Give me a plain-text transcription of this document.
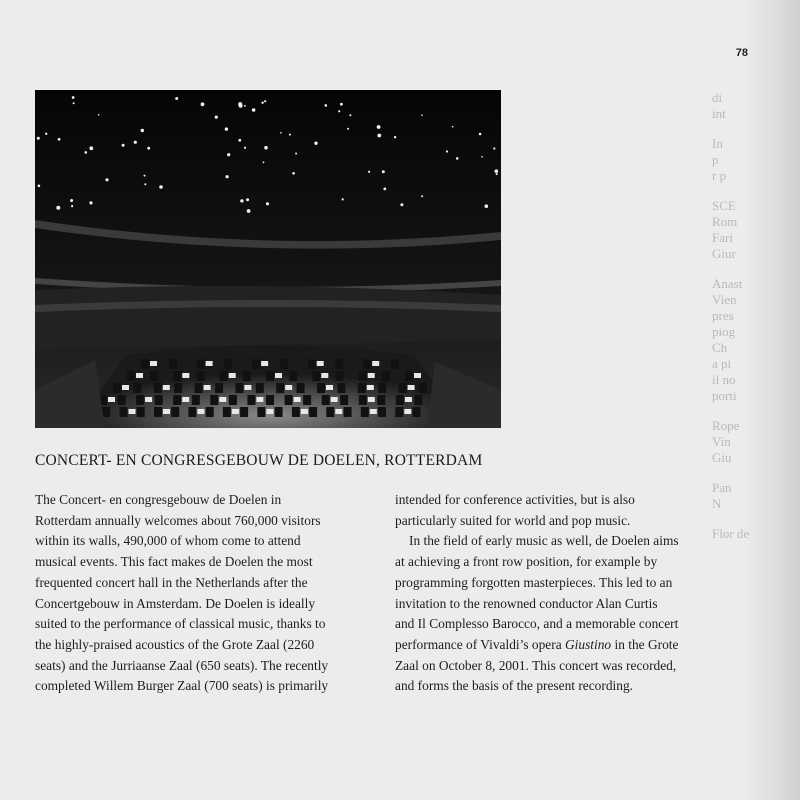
di
int
In
p
r p
SCE
Rom
Fari
Giur
Anast
Vien
pres
piog
Ch
a pi
il no
porti
Rope
Vin
Giu
Pan
N
Flor de
78
CONCERT- EN CONGRESGEBOUW DE DOELEN, ROTTERDAM

The Concert- en congresgebouw de Doelen in
Rotterdam annually welcomes about 760,000 visitors
within its walls, 490,000 of whom come to attend
musical events. This fact makes de Doelen the most
frequented concert hall in the Netherlands after the
Concertgebouw in Amsterdam. De Doelen is ideally
suited to the performance of classical music, thanks to
the highly-praised acoustics of the Grote Zaal (2260
seats) and the Jurriaanse Zaal (650 seats). The recently
completed Willem Burger Zaal (700 seats) is primarily

intended for conference activities, but is also
particularly suited for world and pop music.

In the field of early music as well, de Doelen aims
at achieving a front row position, for example by
programming forgotten masterpieces. This led to an
invitation to the renowned conductor Alan Curtis
and Il Complesso Barocco, and a memorable concert
performance of Vivaldi’s opera Giustino in the Grote
Zaal on October 8, 2001. This concert was recorded,
and forms the basis of the present recording.
